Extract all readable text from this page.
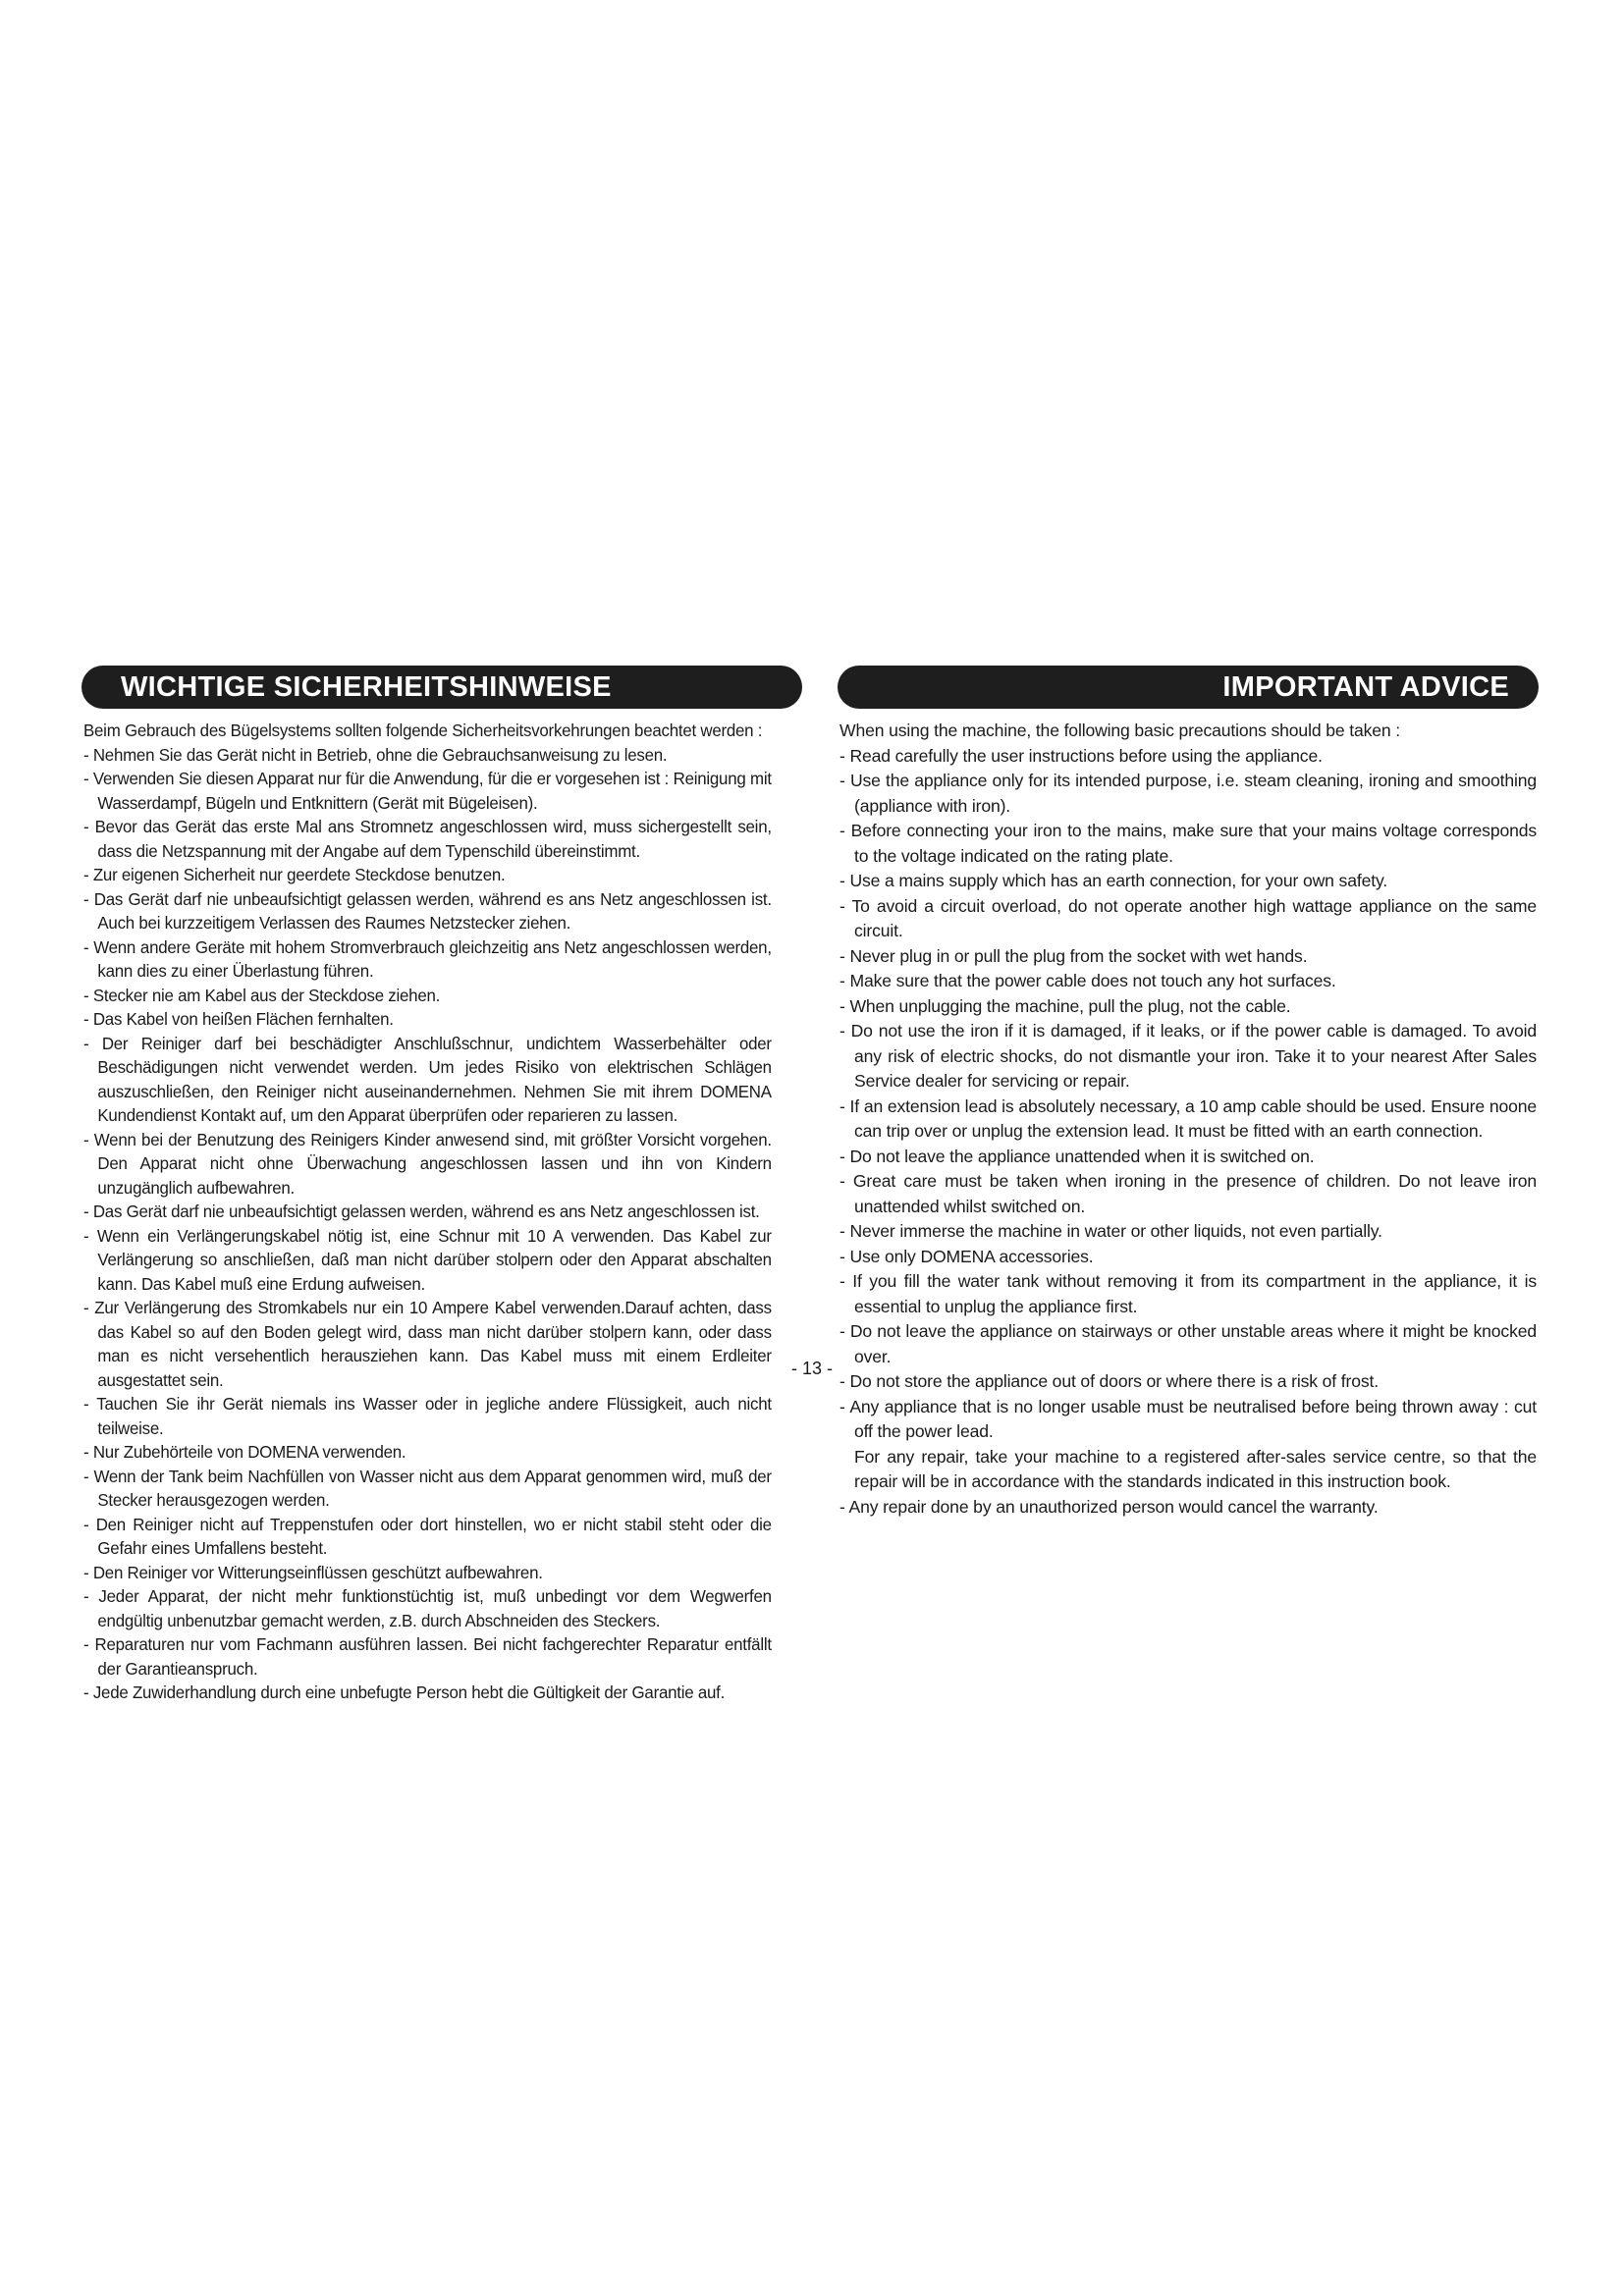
WICHTIGE SICHERHEITSHINWEISE

Beim Gebrauch des Bügelsystems sollten folgende Sicherheitsvorkehrungen beachtet werden :

- Nehmen Sie das Gerät nicht in Betrieb, ohne die Gebrauchsanweisung zu lesen.
- Verwenden Sie diesen Apparat nur für die Anwendung, für die er vorgesehen ist : Reinigung mit Wasserdampf, Bügeln und Entknittern (Gerät mit Bügeleisen).
- Bevor das Gerät das erste Mal ans Stromnetz angeschlossen wird, muss sichergestellt sein, dass die Netzspannung mit der Angabe auf dem Typenschild übereinstimmt.
- Zur eigenen Sicherheit nur geerdete Steckdose benutzen.
- Das Gerät darf nie unbeaufsichtigt gelassen werden, während es ans Netz angeschlossen ist. Auch bei kurzzeitigem Verlassen des Raumes Netzstecker ziehen.
- Wenn andere Geräte mit hohem Stromverbrauch gleichzeitig ans Netz angeschlossen werden, kann dies zu einer Überlastung führen.
- Stecker nie am Kabel aus der Steckdose ziehen.
- Das Kabel von heißen Flächen fernhalten.
- Der Reiniger darf bei beschädigter Anschlußschnur, undichtem Wasserbehälter oder Beschädigungen nicht verwendet werden. Um jedes Risiko von elektrischen Schlägen auszuschließen, den Reiniger nicht auseinandernehmen. Nehmen Sie mit ihrem DOMENA Kundendienst Kontakt auf, um den Apparat überprüfen oder reparieren zu lassen.
- Wenn bei der Benutzung des Reinigers Kinder anwesend sind, mit größter Vorsicht vorgehen. Den Apparat nicht ohne Überwachung angeschlossen lassen und ihn von Kindern unzugänglich aufbewahren.
- Das Gerät darf nie unbeaufsichtigt gelassen werden, während es ans Netz angeschlossen ist.
- Wenn ein Verlängerungskabel nötig ist, eine Schnur mit 10 A verwenden. Das Kabel zur Verlängerung so anschließen, daß man nicht darüber stolpern oder den Apparat abschalten kann. Das Kabel muß eine Erdung aufweisen.
- Zur Verlängerung des Stromkabels nur ein 10 Ampere Kabel verwenden.Darauf achten, dass das Kabel so auf den Boden gelegt wird, dass man nicht darüber stolpern kann, oder dass man es nicht versehentlich herausziehen kann. Das Kabel muss mit einem Erdleiter ausgestattet sein.
- Tauchen Sie ihr Gerät niemals ins Wasser oder in jegliche andere Flüssigkeit, auch nicht teilweise.
- Nur Zubehörteile von DOMENA verwenden.
- Wenn der Tank beim Nachfüllen von Wasser nicht aus dem Apparat genommen wird, muß der Stecker herausgezogen werden.
- Den Reiniger nicht auf Treppenstufen oder dort hinstellen, wo er nicht stabil steht oder die Gefahr eines Umfallens besteht.
- Den Reiniger vor Witterungseinflüssen geschützt aufbewahren.
- Jeder Apparat, der nicht mehr funktionstüchtig ist, muß unbedingt vor dem Wegwerfen endgültig unbenutzbar gemacht werden, z.B. durch Abschneiden des Steckers.
- Reparaturen nur vom Fachmann ausführen lassen. Bei nicht fachgerechter Reparatur entfällt der Garantieanspruch.
- Jede Zuwiderhandlung durch eine unbefugte Person hebt die Gültigkeit der Garantie auf.
IMPORTANT ADVICE

When using the machine, the following basic precautions should be taken :

- Read carefully the user instructions before using the appliance.
- Use the appliance only for its intended purpose, i.e. steam cleaning, ironing and smoothing (appliance with iron).
- Before connecting your iron to the mains, make sure that your mains voltage corresponds to the voltage indicated on the rating plate.
- Use a mains supply which has an earth connection, for your own safety.
- To avoid a circuit overload, do not operate another high wattage appliance on the same circuit.
- Never plug in or pull the plug from the socket with wet hands.
- Make sure that the power cable does not touch any hot surfaces.
- When unplugging the machine, pull the plug, not the cable.
- Do not use the iron if it is damaged, if it leaks, or if the power cable is damaged. To avoid any risk of electric shocks, do not dismantle your iron. Take it to your nearest After Sales Service dealer for servicing or repair.
- If an extension lead is absolutely necessary, a 10 amp cable should be used. Ensure noone can trip over or unplug the extension lead. It must be fitted with an earth connection.
- Do not leave the appliance unattended when it is switched on.
- Great care must be taken when ironing in the presence of children. Do not leave iron unattended whilst switched on.
- Never immerse the machine in water or other liquids, not even partially.
- Use only DOMENA accessories.
- If you fill the water tank without removing it from its compartment in the appliance, it is essential to unplug the appliance first.
- Do not leave the appliance on stairways or other unstable areas where it might be knocked over.
- Do not store the appliance out of doors or where there is a risk of frost.
- Any appliance that is no longer usable must be neutralised before being thrown away : cut off the power lead.
For any repair, take your machine to a registered after-sales service centre, so that the repair will be in accordance with the standards indicated in this instruction book.
- Any repair done by an unauthorized person would cancel the warranty.
- 13 -
